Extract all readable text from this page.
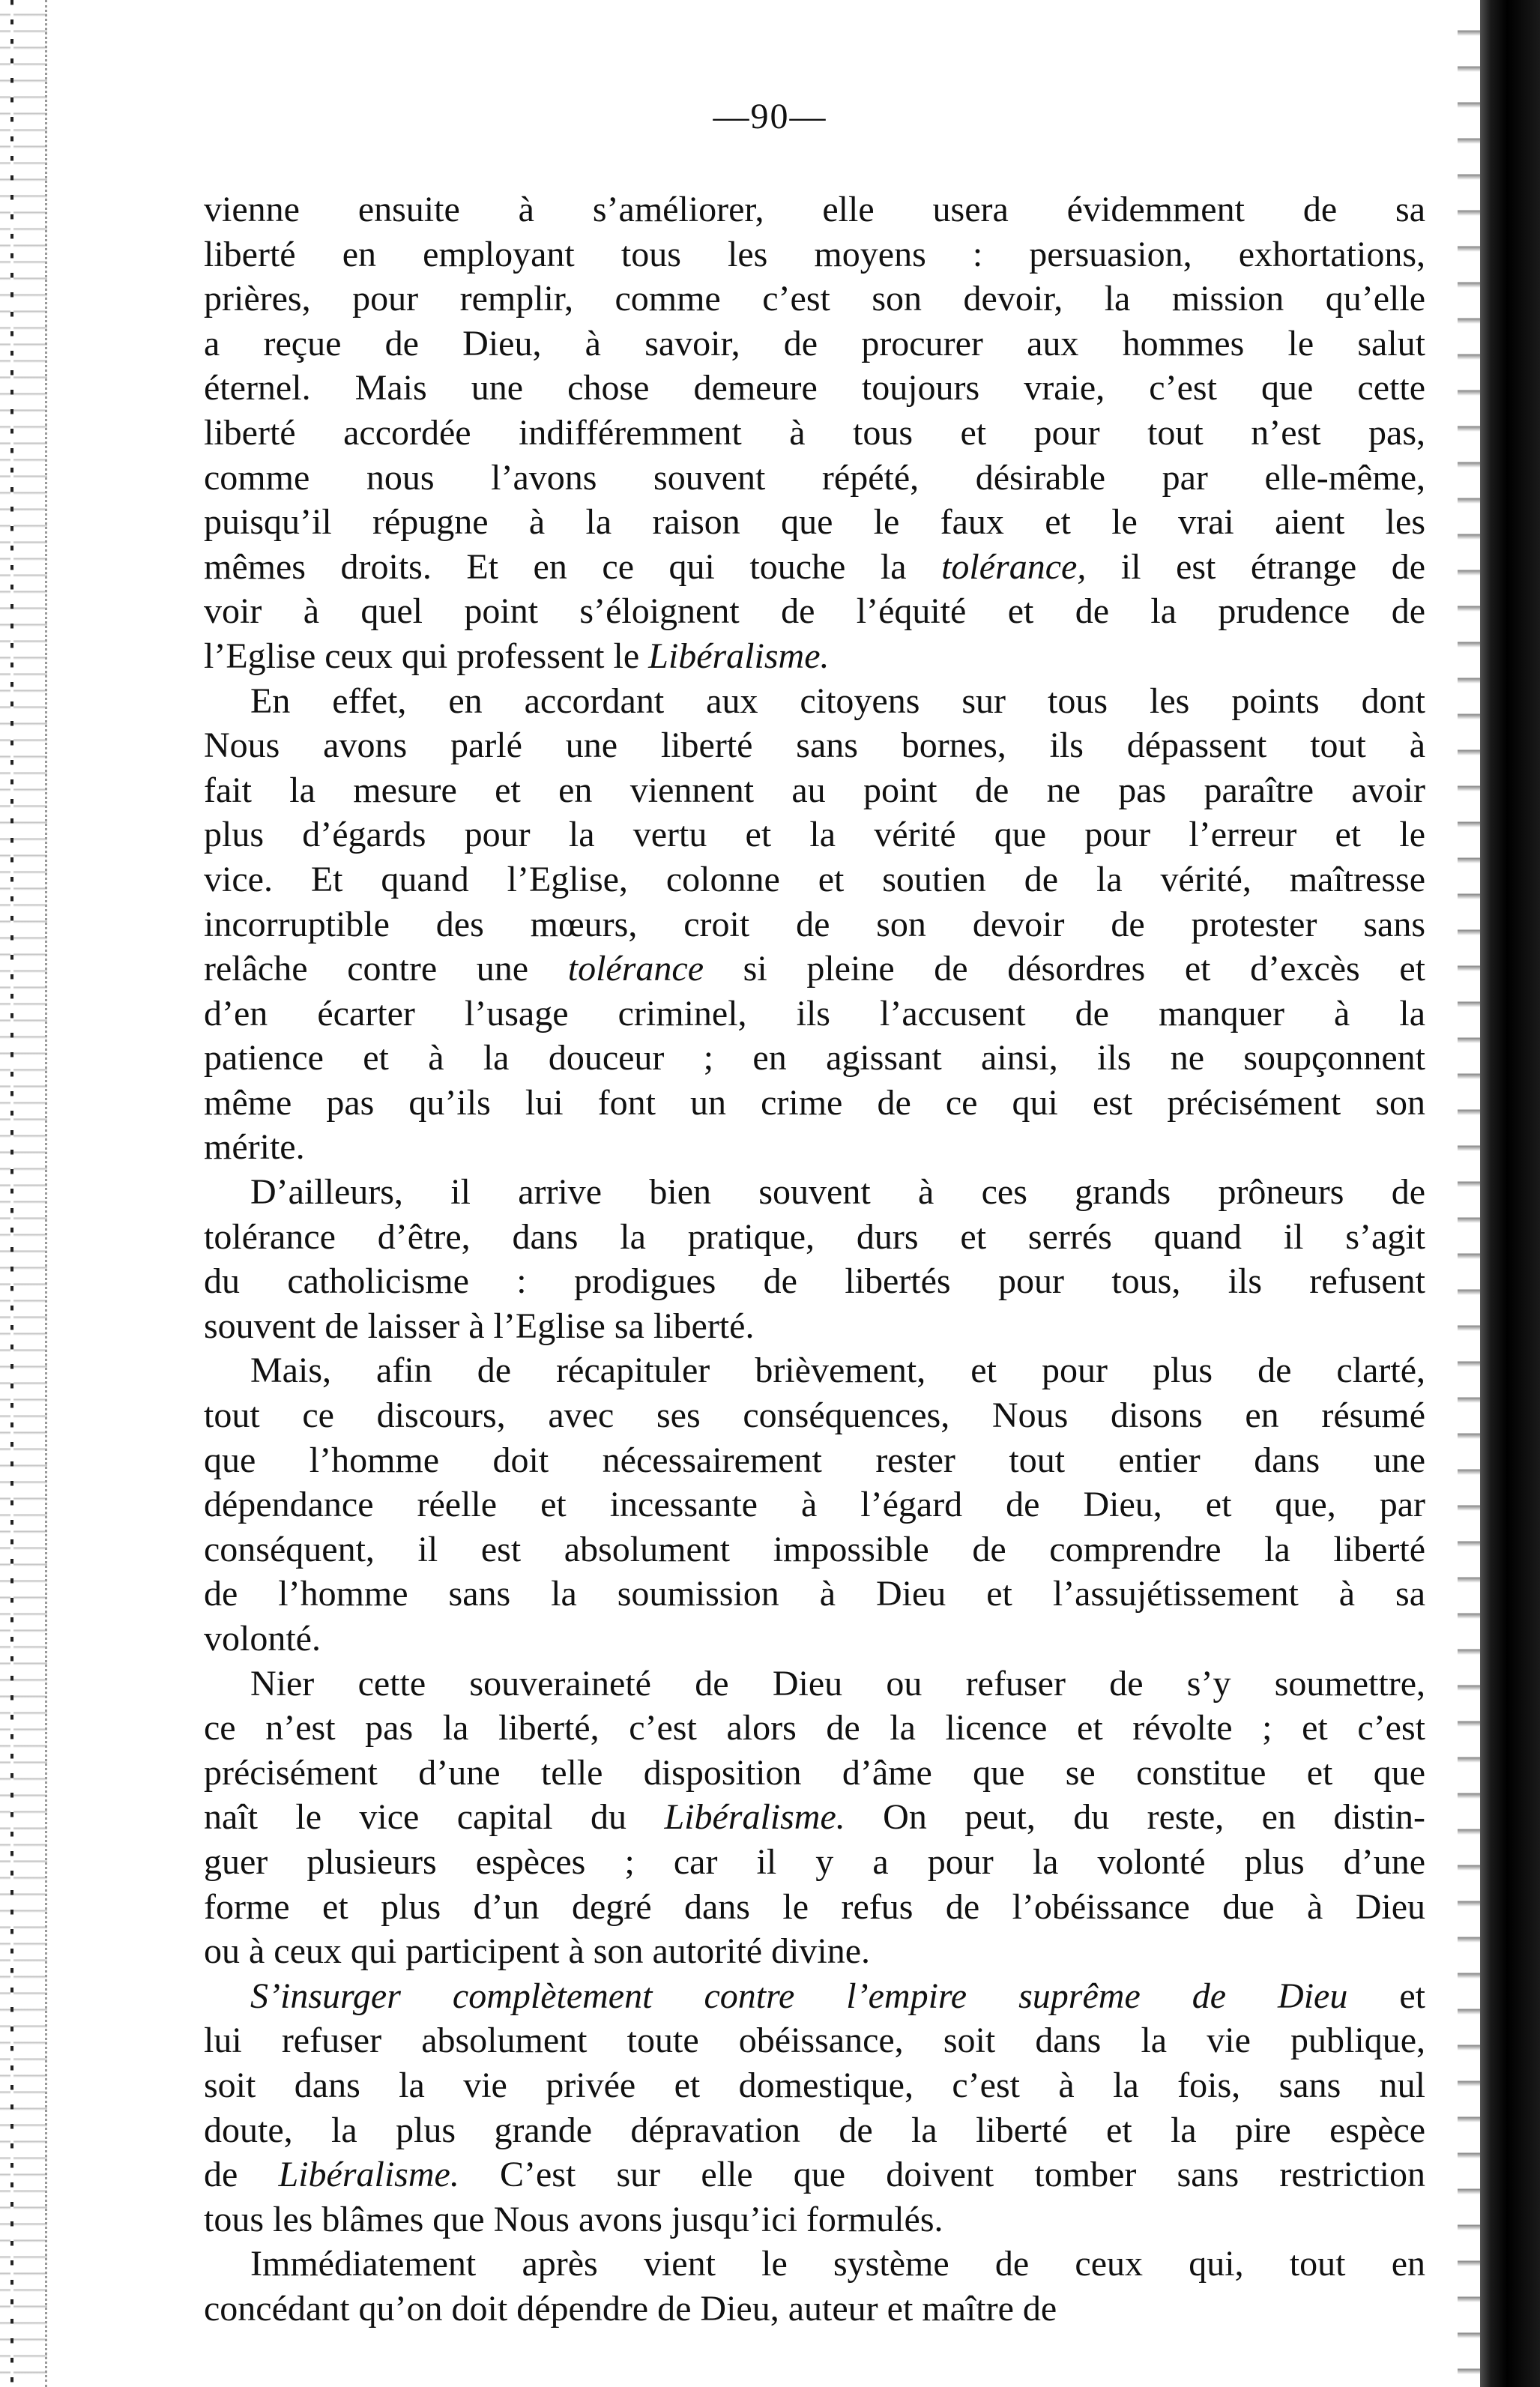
—90—
vienne ensuite à s’améliorer, elle usera évidemment de sa
liberté en employant tous les moyens : persuasion, exhortations,
prières, pour remplir, comme c’est son devoir, la mission qu’elle
a reçue de Dieu, à savoir, de procurer aux hommes le salut
éternel. Mais une chose demeure toujours vraie, c’est que cette
liberté accordée indifféremment à tous et pour tout n’est pas,
comme nous l’avons souvent répété, désirable par elle-même,
puisqu’il répugne à la raison que le faux et le vrai aient les
mêmes droits. Et en ce qui touche la tolérance, il est étrange de
voir à quel point s’éloignent de l’équité et de la prudence de
l’Eglise ceux qui professent le Libéralisme.
En effet, en accordant aux citoyens sur tous les points dont
Nous avons parlé une liberté sans bornes, ils dépassent tout à
fait la mesure et en viennent au point de ne pas paraître avoir
plus d’égards pour la vertu et la vérité que pour l’erreur et le
vice. Et quand l’Eglise, colonne et soutien de la vérité, maîtresse
incorruptible des mœurs, croit de son devoir de protester sans
relâche contre une tolérance si pleine de désordres et d’excès et
d’en écarter l’usage criminel, ils l’accusent de manquer à la
patience et à la douceur ; en agissant ainsi, ils ne soupçonnent
même pas qu’ils lui font un crime de ce qui est précisément son
mérite.
D’ailleurs, il arrive bien souvent à ces grands prôneurs de
tolérance d’être, dans la pratique, durs et serrés quand il s’agit
du catholicisme : prodigues de libertés pour tous, ils refusent
souvent de laisser à l’Eglise sa liberté.
Mais, afin de récapituler brièvement, et pour plus de clarté,
tout ce discours, avec ses conséquences, Nous disons en résumé
que l’homme doit nécessairement rester tout entier dans une
dépendance réelle et incessante à l’égard de Dieu, et que, par
conséquent, il est absolument impossible de comprendre la liberté
de l’homme sans la soumission à Dieu et l’assujétissement à sa
volonté.
Nier cette souveraineté de Dieu ou refuser de s’y soumettre,
ce n’est pas la liberté, c’est alors de la licence et révolte ; et c’est
précisément d’une telle disposition d’âme que se constitue et que
naît le vice capital du Libéralisme. On peut, du reste, en distin-
guer plusieurs espèces ; car il y a pour la volonté plus d’une
forme et plus d’un degré dans le refus de l’obéissance due à Dieu
ou à ceux qui participent à son autorité divine.
S’insurger complètement contre l’empire suprême de Dieu et
lui refuser absolument toute obéissance, soit dans la vie publique,
soit dans la vie privée et domestique, c’est à la fois, sans nul
doute, la plus grande dépravation de la liberté et la pire espèce
de Libéralisme. C’est sur elle que doivent tomber sans restriction
tous les blâmes que Nous avons jusqu’ici formulés.
Immédiatement après vient le système de ceux qui, tout en
concédant qu’on doit dépendre de Dieu, auteur et maître de
